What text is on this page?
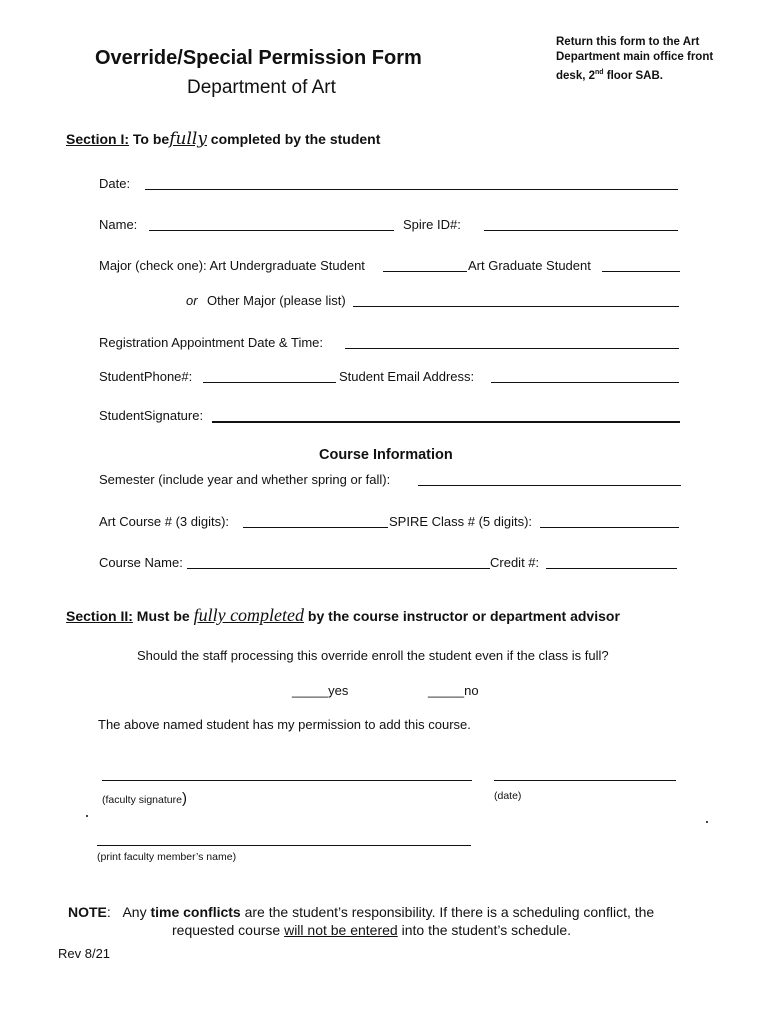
Override/Special Permission Form
Department of Art
Return this form to the Art Department main office front desk, 2nd floor SAB.
Section I: To befully completed by the student
Date:
Name:	Spire ID#:
Major (check one): Art Undergraduate Student	Art Graduate Student
or Other Major (please list)
Registration Appointment Date & Time:
StudentPhone#:	Student Email Address:
StudentSignature:
Course Information
Semester (include year and whether spring or fall):
Art Course # (3 digits):	SPIRE Class # (5 digits):
Course Name:	Credit #:
Section II: Must be fully completed by the course instructor or department advisor
Should the staff processing this override enroll the student even if the class is full?
_____yes	_____no
The above named student has my permission to add this course.
(faculty signature)	(date)
(print faculty member’s name)
NOTE: Any time conflicts are the student’s responsibility. If there is a scheduling conflict, the
requested course will not be entered into the student’s schedule.
Rev 8/21
